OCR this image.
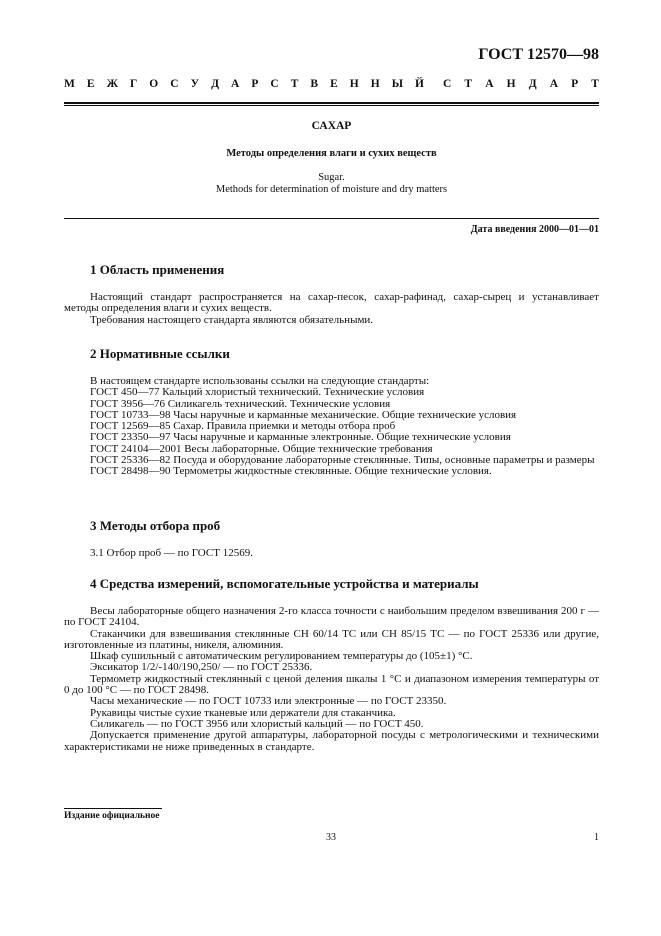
ГОСТ 12570—98
М Е Ж Г О С У Д А Р С Т В Е Н Н Ы Й С Т А Н Д А Р Т
САХАР
Методы определения влаги и сухих веществ
Sugar.
Methods for determination of moisture and dry matters
Дата введения 2000—01—01
1 Область применения

Настоящий стандарт распространяется на сахар-песок, сахар-рафинад, сахар-сырец и устанавливает методы определения влаги и сухих веществ.

Требования настоящего стандарта являются обязательными.

2 Нормативные ссылки

В настоящем стандарте использованы ссылки на следующие стандарты:

ГОСТ 450—77 Кальций хлористый технический. Технические условия

ГОСТ 3956—76 Силикагель технический. Технические условия

ГОСТ 10733—98 Часы наручные и карманные механические. Общие технические условия

ГОСТ 12569—85 Сахар. Правила приемки и методы отбора проб

ГОСТ 23350—97 Часы наручные и карманные электронные. Общие технические условия

ГОСТ 24104—2001 Весы лабораторные. Общие технические требования

ГОСТ 25336—82 Посуда и оборудование лабораторные стеклянные. Типы, основные параметры и размеры

ГОСТ 28498—90 Термометры жидкостные стеклянные. Общие технические условия.

3 Методы отбора проб

3.1 Отбор проб — по ГОСТ 12569.

4 Средства измерений, вспомогательные устройства и материалы

Весы лабораторные общего назначения 2-го класса точности с наибольшим пределом взвешивания 200 г — по ГОСТ 24104.

Стаканчики для взвешивания стеклянные СН 60/14 ТС или СН 85/15 ТС — по ГОСТ 25336 или другие, изготовленные из платины, никеля, алюминия.

Шкаф сушильный с автоматическим регулированием температуры до (105±1) °С.

Эксикатор 1/2/-140/190,250/ — по ГОСТ 25336.

Термометр жидкостный стеклянный с ценой деления шкалы 1 °С и диапазоном измерения температуры от 0 до 100 °С — по ГОСТ 28498.

Часы механические — по ГОСТ 10733 или электронные — по ГОСТ 23350.

Рукавицы чистые сухие тканевые или держатели для стаканчика.

Силикагель — по ГОСТ 3956 или хлористый кальций — по ГОСТ 450.

Допускается применение другой аппаратуры, лабораторной посуды с метрологическими и техническими характеристиками не ниже приведенных в стандарте.

Издание официальное
33	1
